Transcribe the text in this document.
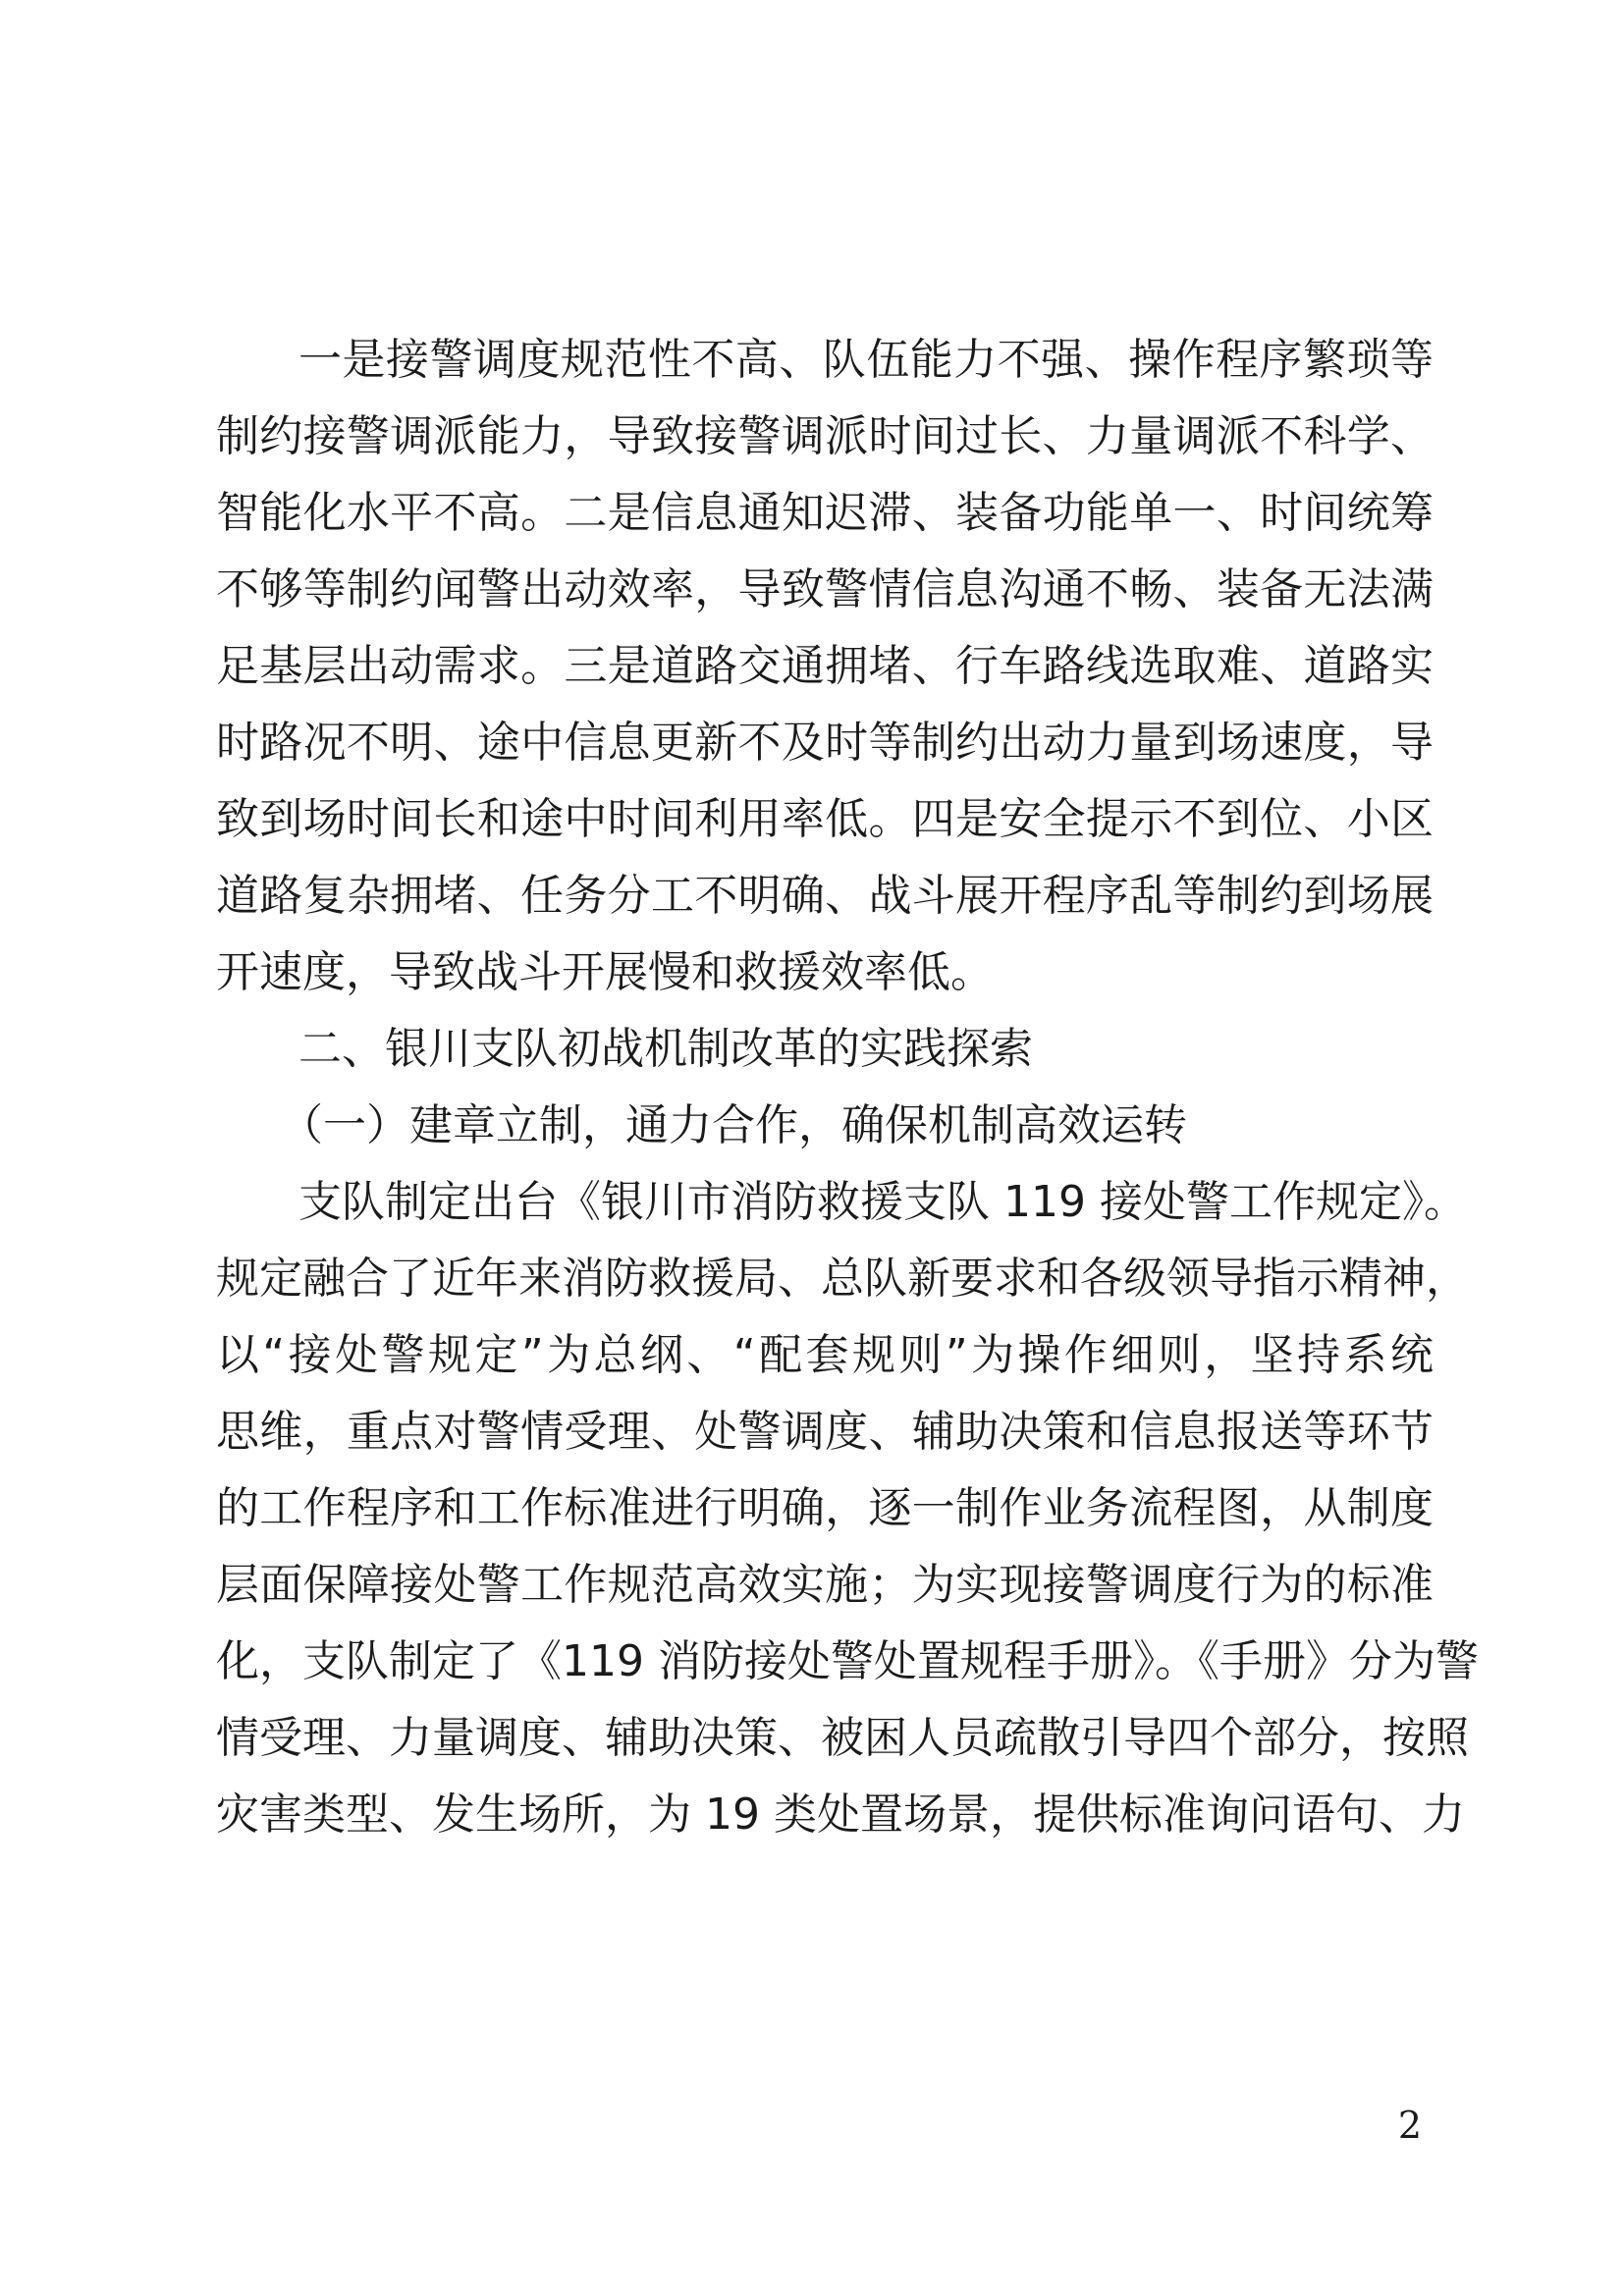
一是接警调度规范性不高、队伍能力不强、操作程序繁琐等

制约接警调派能力，导致接警调派时间过长、力量调派不科学、

智能化水平不高。二是信息通知迟滞、装备功能单一、时间统筹

不够等制约闻警出动效率，导致警情信息沟通不畅、装备无法满

足基层出动需求。三是道路交通拥堵、行车路线选取难、道路实

时路况不明、途中信息更新不及时等制约出动力量到场速度，导

致到场时间长和途中时间利用率低。四是安全提示不到位、小区

道路复杂拥堵、任务分工不明确、战斗展开程序乱等制约到场展

开速度，导致战斗开展慢和救援效率低。

二、银川支队初战机制改革的实践探索
（一）建章立制，通力合作，确保机制高效运转

支队制定出台《银川市消防救援支队 119 接处警工作规定》。

规定融合了近年来消防救援局、总队新要求和各级领导指示精神，

以“接处警规定”为总纲、“配套规则”为操作细则，坚持系统

思维，重点对警情受理、处警调度、辅助决策和信息报送等环节

的工作程序和工作标准进行明确，逐一制作业务流程图，从制度

层面保障接处警工作规范高效实施；为实现接警调度行为的标准

化，支队制定了《119 消防接处警处置规程手册》。《手册》分为警

情受理、力量调度、辅助决策、被困人员疏散引导四个部分，按照

灾害类型、发生场所，为 19 类处置场景，提供标准询问语句、力

2
